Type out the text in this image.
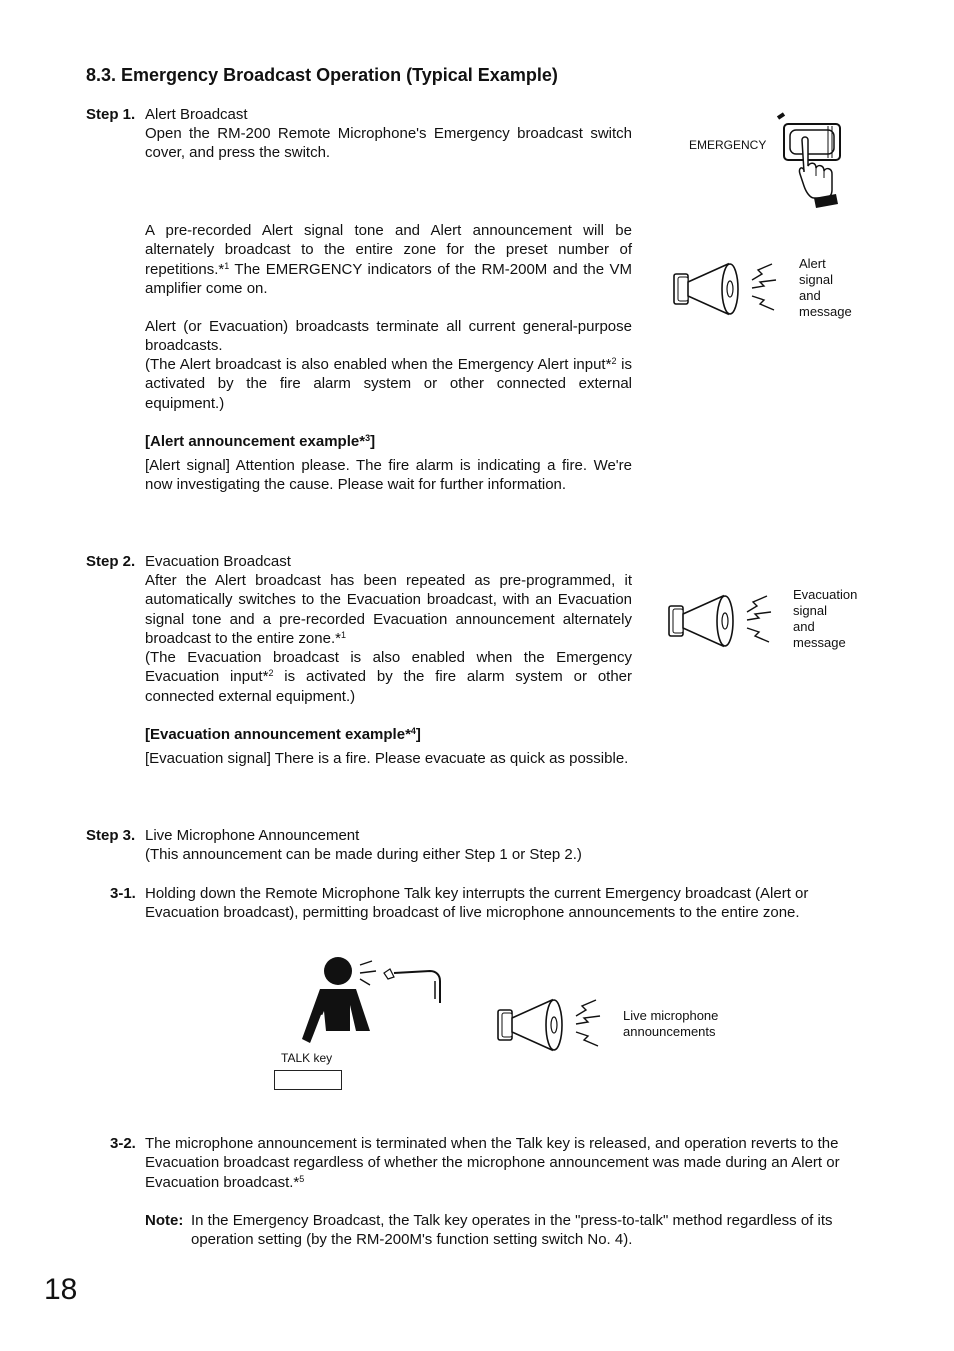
8.3. Emergency Broadcast Operation (Typical Example)
Step 1. Alert Broadcast
Open the RM-200 Remote Microphone's Emergency broadcast switch cover, and press the switch.
A pre-recorded Alert signal tone and Alert announcement will be alternately broadcast to the entire zone for the preset number of repetitions.*$^1$ The EMERGENCY indicators of the RM-200M and the VM amplifier come on.
Alert (or Evacuation) broadcasts terminate all current general-purpose broadcasts.
(The Alert broadcast is also enabled when the Emergency Alert input*$^2$ is activated by the fire alarm system or other connected external equipment.)
[Alert announcement example*$^3$]
[Alert signal] Attention please. The fire alarm is indicating a fire. We're now investigating the cause. Please wait for further information.
EMERGENCY
Alert
signal
and
message
Step 2. Evacuation Broadcast
After the Alert broadcast has been repeated as pre-programmed, it automatically switches to the Evacuation broadcast, with an Evacuation signal tone and a pre-recorded Evacuation announcement alternately broadcast to the entire zone.*$^1$
(The Evacuation broadcast is also enabled when the Emergency Evacuation input*$^2$ is activated by the fire alarm system or other connected external equipment.)
[Evacuation announcement example*$^4$]
[Evacuation signal] There is a fire. Please evacuate as quick as possible.
Evacuation
signal
and
message
Step 3. Live Microphone Announcement
(This announcement can be made during either Step 1 or Step 2.)
3-1. Holding down the Remote Microphone Talk key interrupts the current Emergency broadcast (Alert or Evacuation broadcast), permitting broadcast of live microphone announcements to the entire zone.
TALK key
Live microphone
announcements
3-2. The microphone announcement is terminated when the Talk key is released, and operation reverts to the Evacuation broadcast regardless of whether the microphone announcement was made during an Alert or Evacuation broadcast.*$^5$
Note: In the Emergency Broadcast, the Talk key operates in the "press-to-talk" method regardless of its operation setting (by the RM-200M's function setting switch No. 4).
18
